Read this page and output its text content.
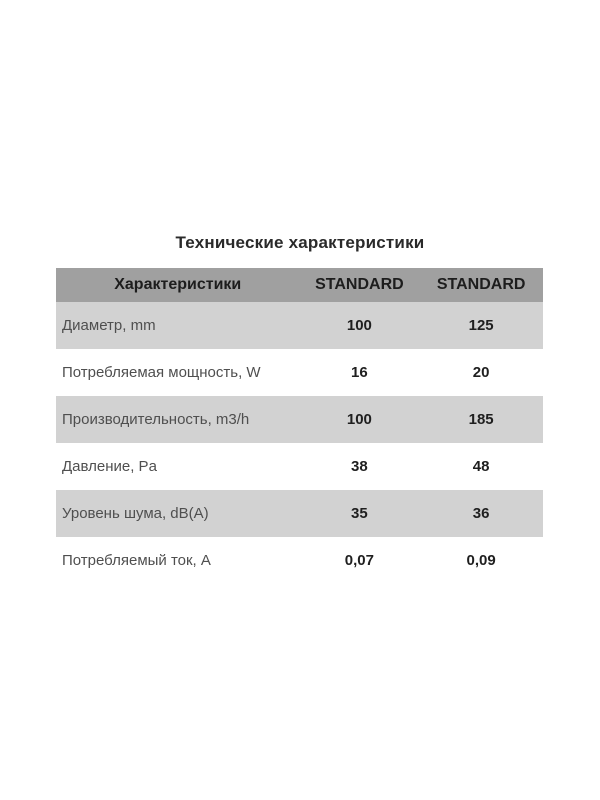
Технические характеристики
Характеристики	STANDARD	STANDARD
Диаметр, mm	100	125
Потребляемая мощность, W	16	20
Производительность, m3/h	100	185
Давление, Pa	38	48
Уровень шума, dB(A)	35	36
Потребляемый ток, А	0,07	0,09
